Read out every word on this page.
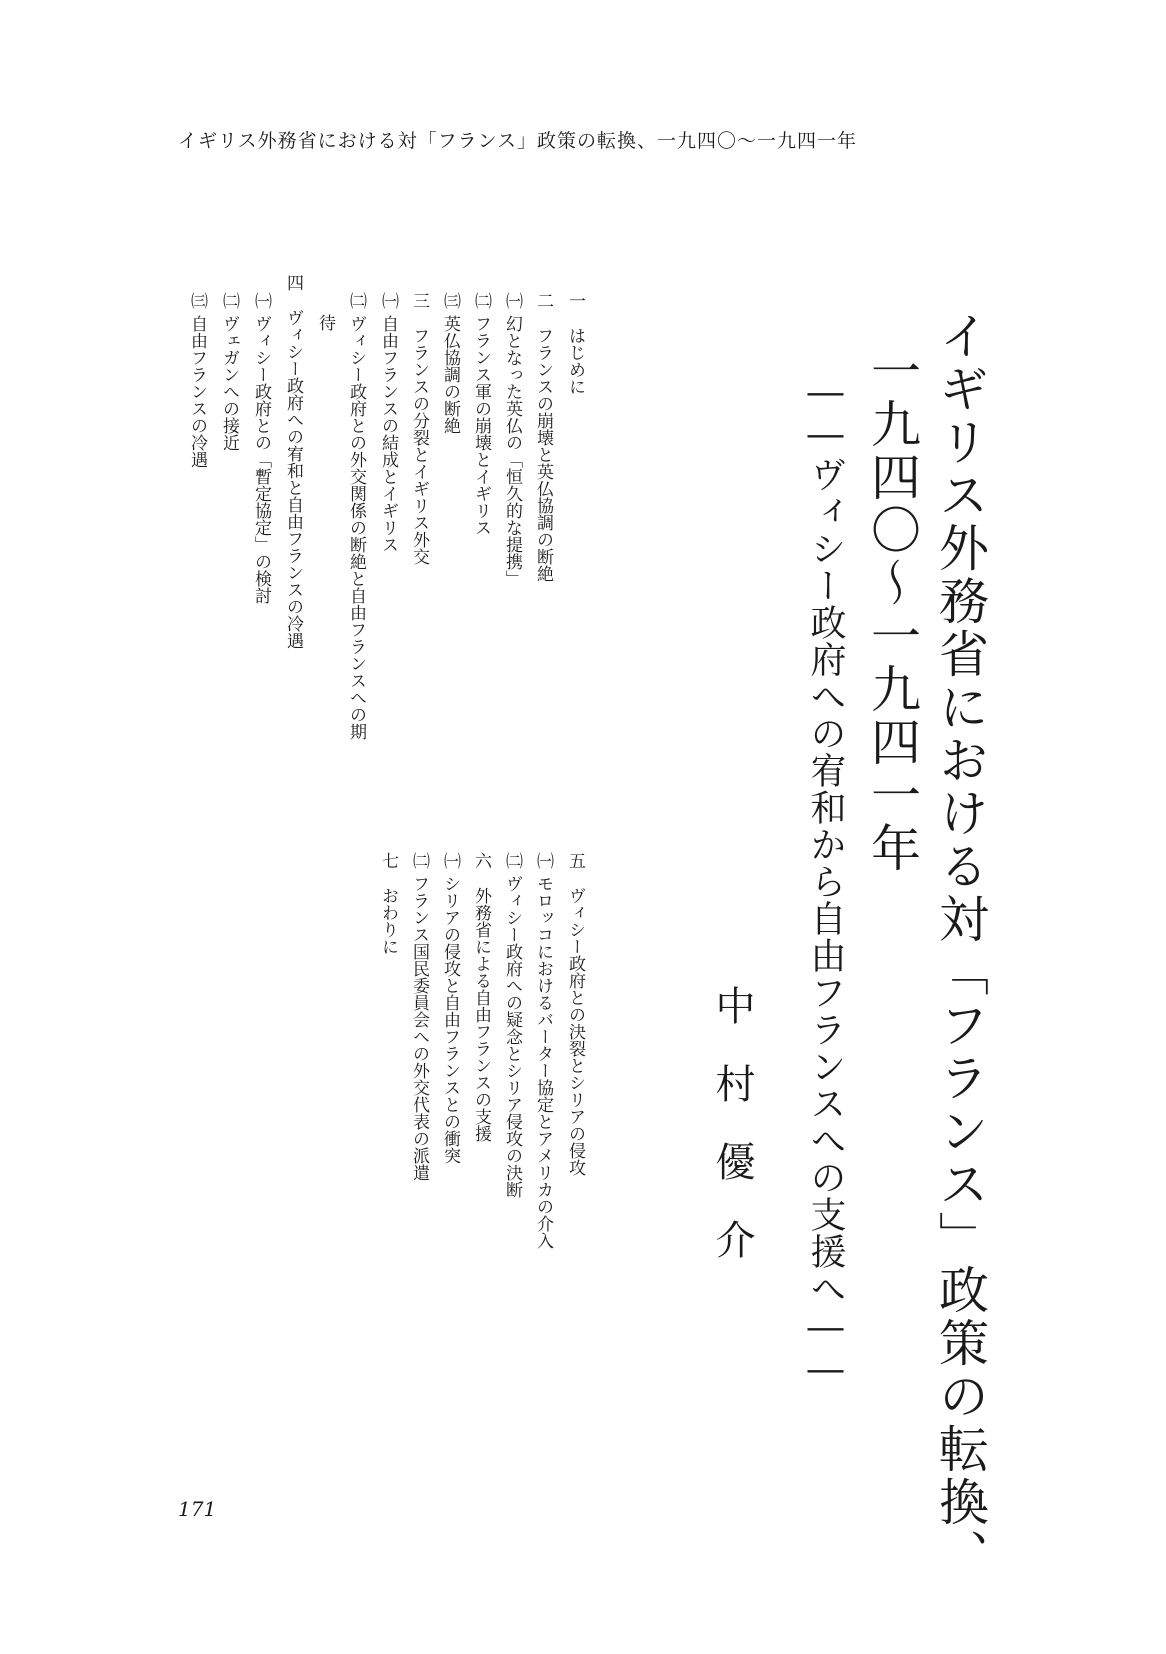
イギリス外務省における対「フランス」政策の転換、一九四〇〜一九四一年
イギリス外務省における対「フランス」政策の転換、
一九四〇〜一九四一年
――ヴィシー政府への宥和から自由フランスへの支援へ――
中村優介
一はじめに
二フランスの崩壊と英仏協調の断絶
㈠幻となった英仏の「恒久的な提携」
㈡フランス軍の崩壊とイギリス
㈢英仏協調の断絶
三フランスの分裂とイギリス外交
㈠自由フランスの結成とイギリス
㈡ヴィシー政府との外交関係の断絶と自由フランスへの期
待
四ヴィシー政府への宥和と自由フランスの冷遇
㈠ヴィシー政府との「暫定協定」の検討
㈡ヴェガンへの接近
㈢自由フランスの冷遇
五ヴィシー政府との決裂とシリアの侵攻
㈠モロッコにおけるバーター協定とアメリカの介入
㈡ヴィシー政府への疑念とシリア侵攻の決断
六外務省による自由フランスの支援
㈠シリアの侵攻と自由フランスとの衝突
㈡フランス国民委員会への外交代表の派遣
七おわりに
171
